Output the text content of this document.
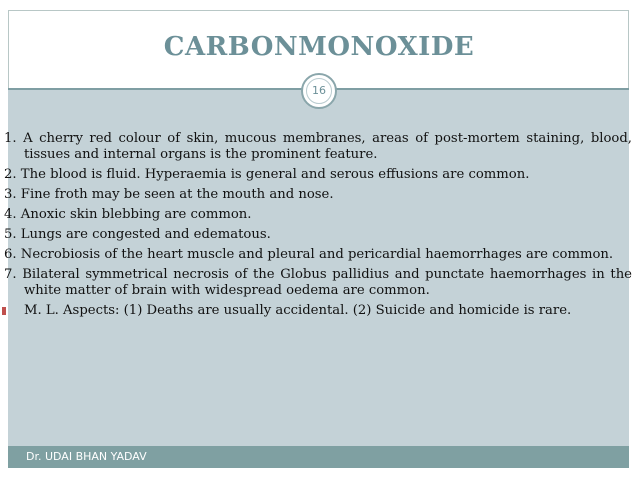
CARBONMONOXIDE
16
1. A cherry red colour of skin, mucous membranes, areas of post-mortem staining, blood, tissues and internal organs is the prominent feature.
2. The blood is fluid. Hyperaemia is general and serous effusions are common.
3. Fine froth may be seen at the mouth and nose.
4. Anoxic skin blebbing are common.
5. Lungs are congested and edematous.
6. Necrobiosis of the heart muscle and pleural and pericardial haemorrhages are common.
7. Bilateral symmetrical necrosis of the Globus pallidius and punctate haemorrhages in the white matter of brain with widespread oedema are common.
M. L. Aspects: (1) Deaths are usually accidental. (2) Suicide and homicide is rare.
Dr. UDAI BHAN YADAV
